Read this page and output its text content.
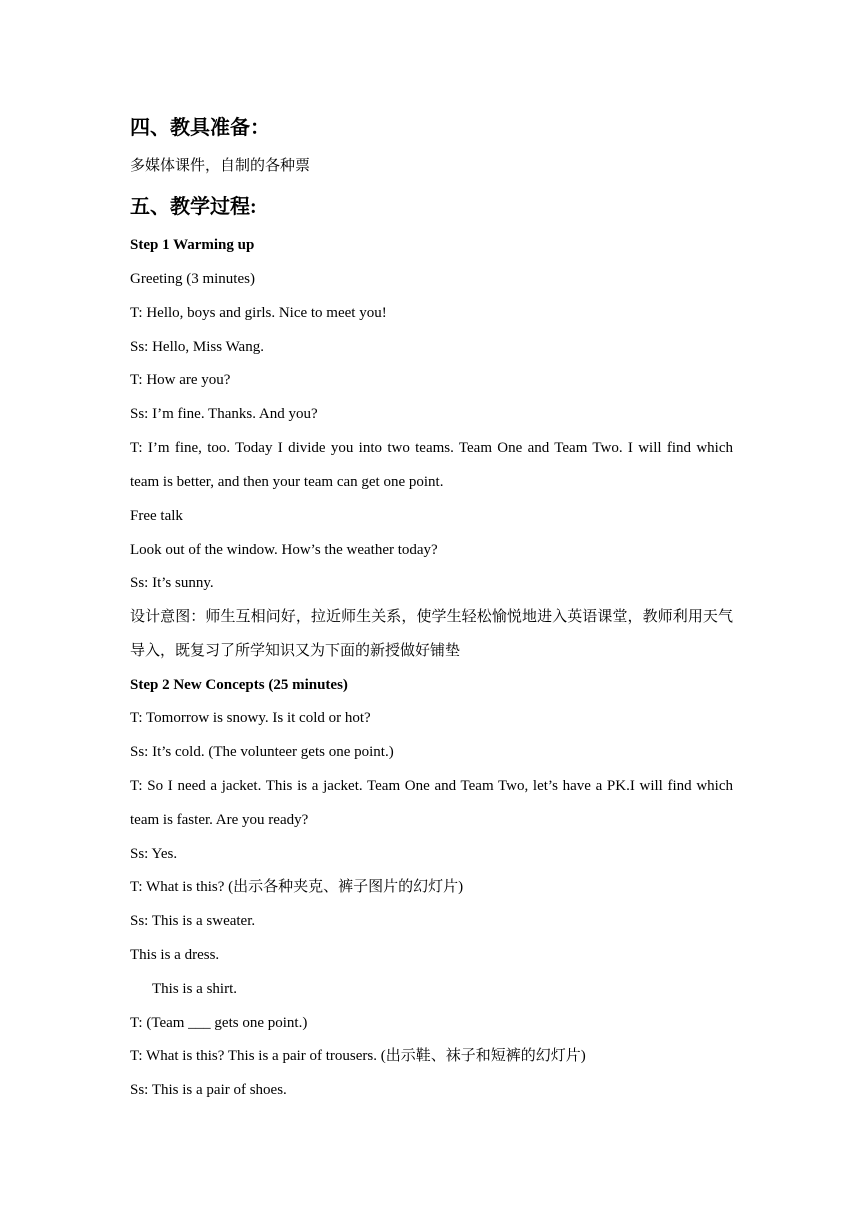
四、教具准备：
多媒体课件，自制的各种票
五、教学过程:
Step 1 Warming up
Greeting (3 minutes)
T: Hello, boys and girls. Nice to meet you!
Ss: Hello, Miss Wang.
T: How are you?
Ss: I’m fine. Thanks. And you?
T: I’m fine, too. Today I divide you into two teams. Team One and Team Two. I will find which
team is better, and then your team can get one point.
Free talk
Look out of the window. How’s the weather today?
Ss: It’s sunny.
设计意图：师生互相问好，拉近师生关系，使学生轻松愉悦地进入英语课堂，教师利用天气
导入，既复习了所学知识又为下面的新授做好铺垫
Step 2 New Concepts (25 minutes)
T: Tomorrow is snowy. Is it cold or hot?
Ss: It’s cold. (The volunteer gets one point.)
T: So I need a jacket. This is a jacket. Team One and Team Two, let’s have a PK.I will find which
team is faster. Are you ready?
Ss: Yes.
T: What is this? (出示各种夹克、裤子图片的幻灯片)
Ss: This is a sweater.
This is a dress.
This is a shirt.
T: (Team ___ gets one point.)
T: What is this? This is a pair of trousers. (出示鞋、袜子和短裤的幻灯片)
Ss: This is a pair of shoes.
